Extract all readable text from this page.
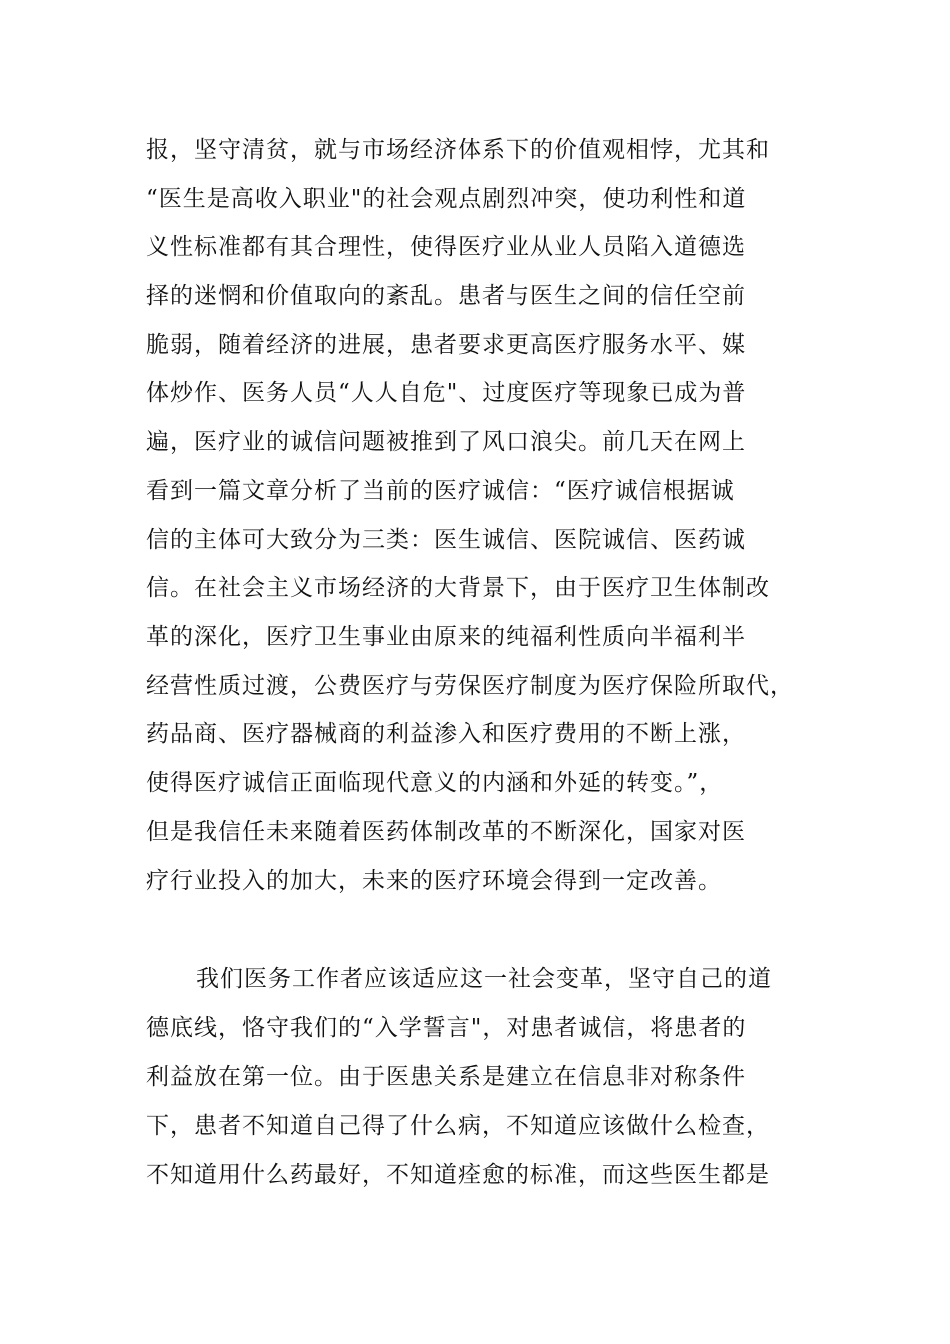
报，坚守清贫，就与市场经济体系下的价值观相悖，尤其和
“医生是高收入职业"的社会观点剧烈冲突，使功利性和道
义性标准都有其合理性，使得医疗业从业人员陷入道德选
择的迷惘和价值取向的紊乱。患者与医生之间的信任空前
脆弱，随着经济的进展，患者要求更高医疗服务水平、媒
体炒作、医务人员“人人自危"、过度医疗等现象已成为普
遍，医疗业的诚信问题被推到了风口浪尖。前几天在网上
看到一篇文章分析了当前的医疗诚信：“医疗诚信根据诚
信的主体可大致分为三类：医生诚信、医院诚信、医药诚
信。在社会主义市场经济的大背景下，由于医疗卫生体制改
革的深化，医疗卫生事业由原来的纯福利性质向半福利半
经营性质过渡，公费医疗与劳保医疗制度为医疗保险所取代，
药品商、医疗器械商的利益渗入和医疗费用的不断上涨，
使得医疗诚信正面临现代意义的内涵和外延的转变。”，
但是我信任未来随着医药体制改革的不断深化，国家对医
疗行业投入的加大，未来的医疗环境会得到一定改善。
我们医务工作者应该适应这一社会变革，坚守自己的道
德底线，恪守我们的“入学誓言"，对患者诚信，将患者的
利益放在第一位。由于医患关系是建立在信息非对称条件
下，患者不知道自己得了什么病，不知道应该做什么检查，
不知道用什么药最好，不知道痊愈的标准，而这些医生都是
